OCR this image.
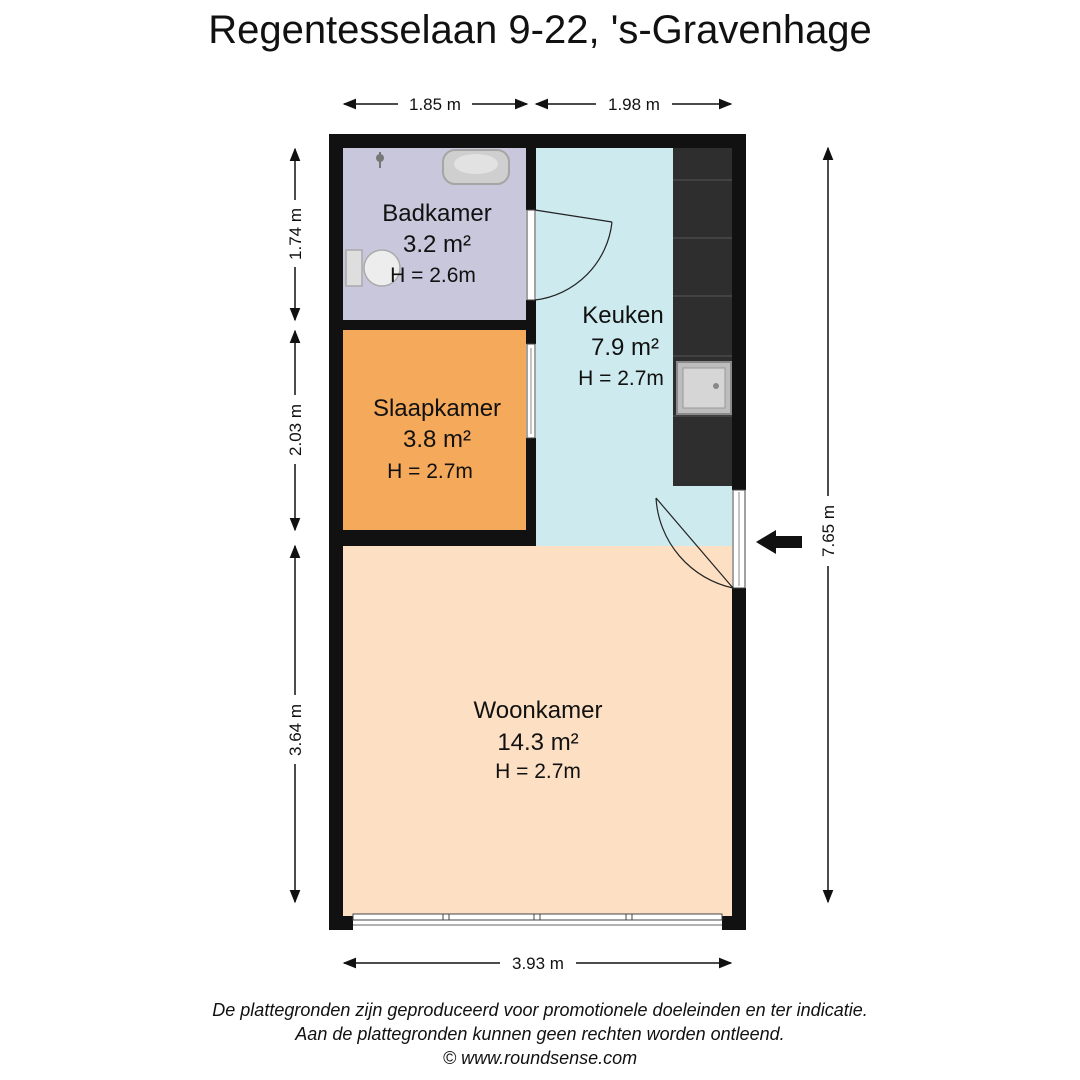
Regentesselaan 9-22, 's-Gravenhage
Badkamer
3.2 m²
H = 2.6m
Keuken
7.9 m²
H = 2.7m
Slaapkamer
3.8 m²
H = 2.7m
Woonkamer
14.3 m²
H = 2.7m
1.85 m	1.98 m
1.74 m
2.03 m
3.64 m
7.65 m
3.93 m
De plattegronden zijn geproduceerd voor promotionele doeleinden en ter indicatie.
Aan de plattegronden kunnen geen rechten worden ontleend.
© www.roundsense.com
